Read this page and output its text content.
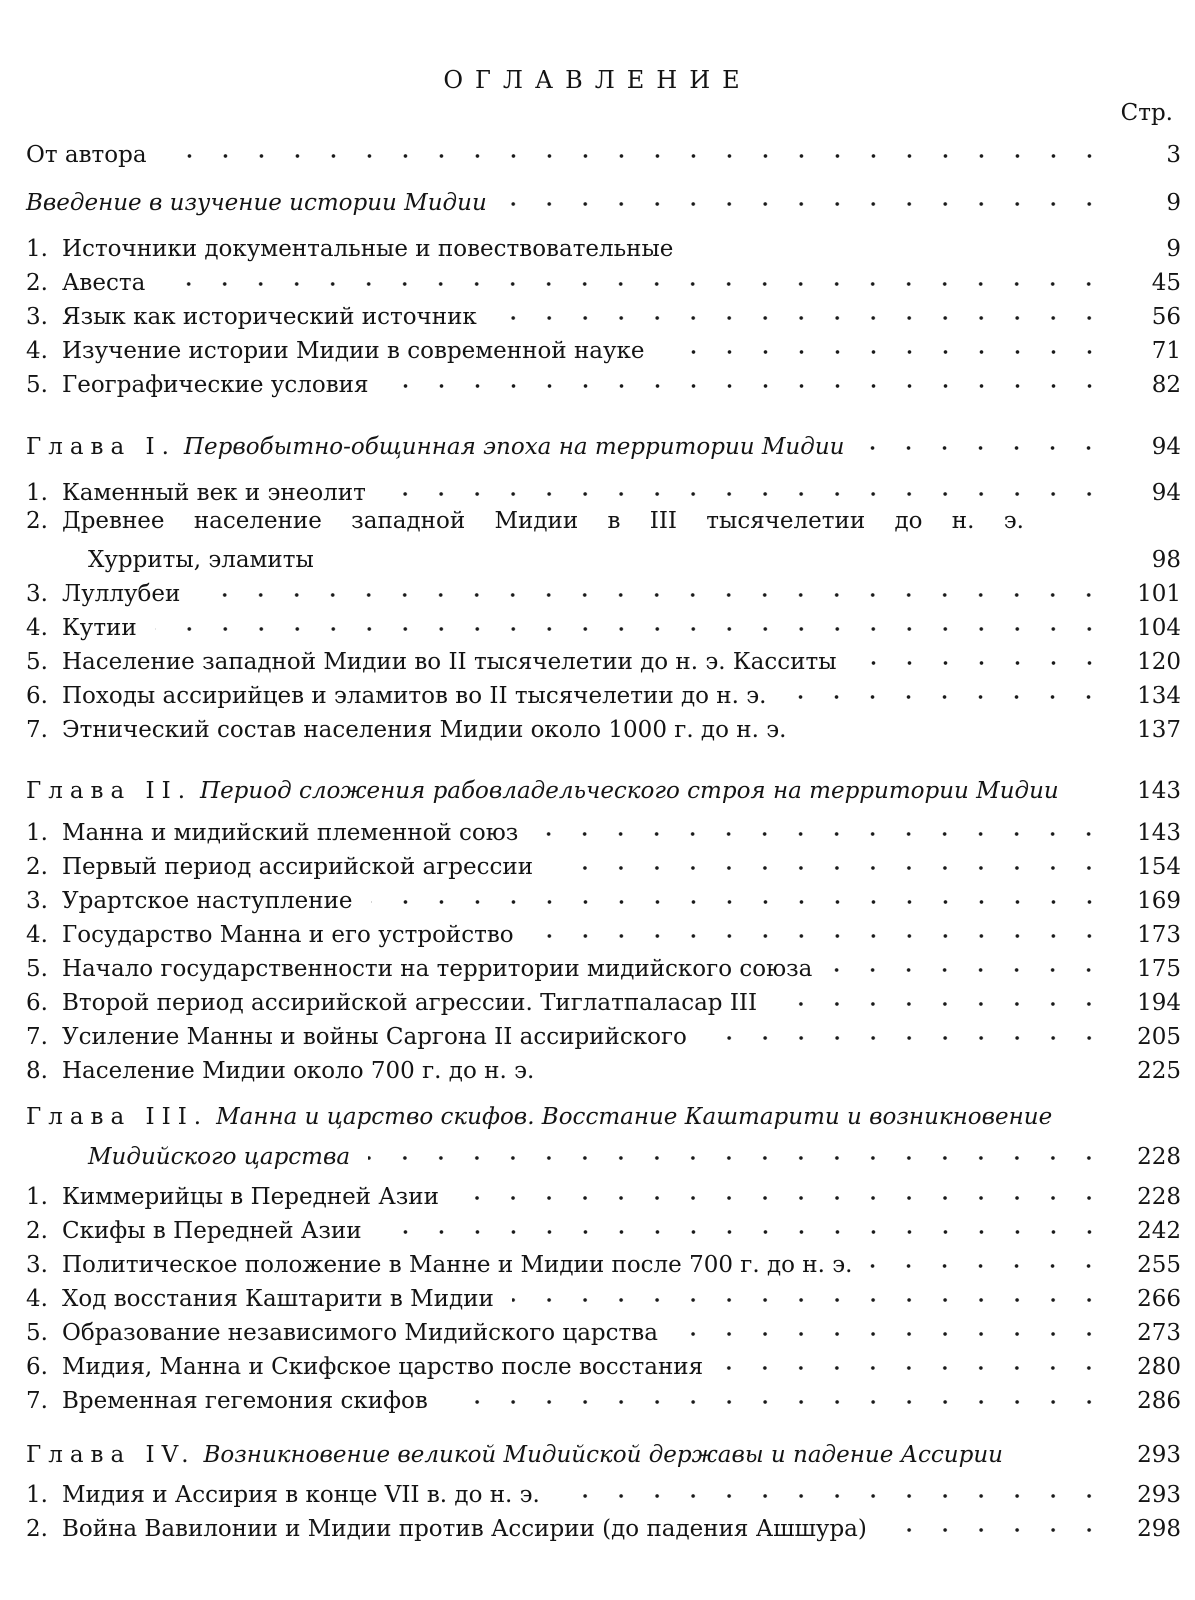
ОГЛАВЛЕНИЕ
Стр.
От автора	3
Введение в изучение истории Мидии	9
1. Источники документальные и повествовательные	9
2. Авеста	45
3. Язык как исторический источник	56
4. Изучение истории Мидии в современной науке	71
5. Географические условия	82
Глава I. Первобытно-общинная эпоха на территории Мидии	94
1. Каменный век и энеолит	94
2. Древнее население западной Мидии в III тысячелетии до н. э.
Хурриты, эламиты	98
3. Луллубеи	101
4. Кутии	104
5. Население западной Мидии во II тысячелетии до н. э. Касситы	120
6. Походы ассирийцев и эламитов во II тысячелетии до н. э.	134
7. Этнический состав населения Мидии около 1000 г. до н. э.	137
Глава II. Период сложения рабовладельческого строя на территории Мидии	143
1. Манна и мидийский племенной союз	143
2. Первый период ассирийской агрессии	154
3. Урартское наступление	169
4. Государство Манна и его устройство	173
5. Начало государственности на территории мидийского союза	175
6. Второй период ассирийской агрессии. Тиглатпаласар III	194
7. Усиление Манны и войны Саргона II ассирийского	205
8. Население Мидии около 700 г. до н. э.	225
Глава III. Манна и царство скифов. Восстание Каштарити и возникновение
Мидийского царства	228
1. Киммерийцы в Передней Азии	228
2. Скифы в Передней Азии	242
3. Политическое положение в Манне и Мидии после 700 г. до н. э.	255
4. Ход восстания Каштарити в Мидии	266
5. Образование независимого Мидийского царства	273
6. Мидия, Манна и Скифское царство после восстания	280
7. Временная гегемония скифов	286
Глава IV. Возникновение великой Мидийской державы и падение Ассирии	293
1. Мидия и Ассирия в конце VII в. до н. э.	293
2. Война Вавилонии и Мидии против Ассирии (до падения Ашшура)	298
